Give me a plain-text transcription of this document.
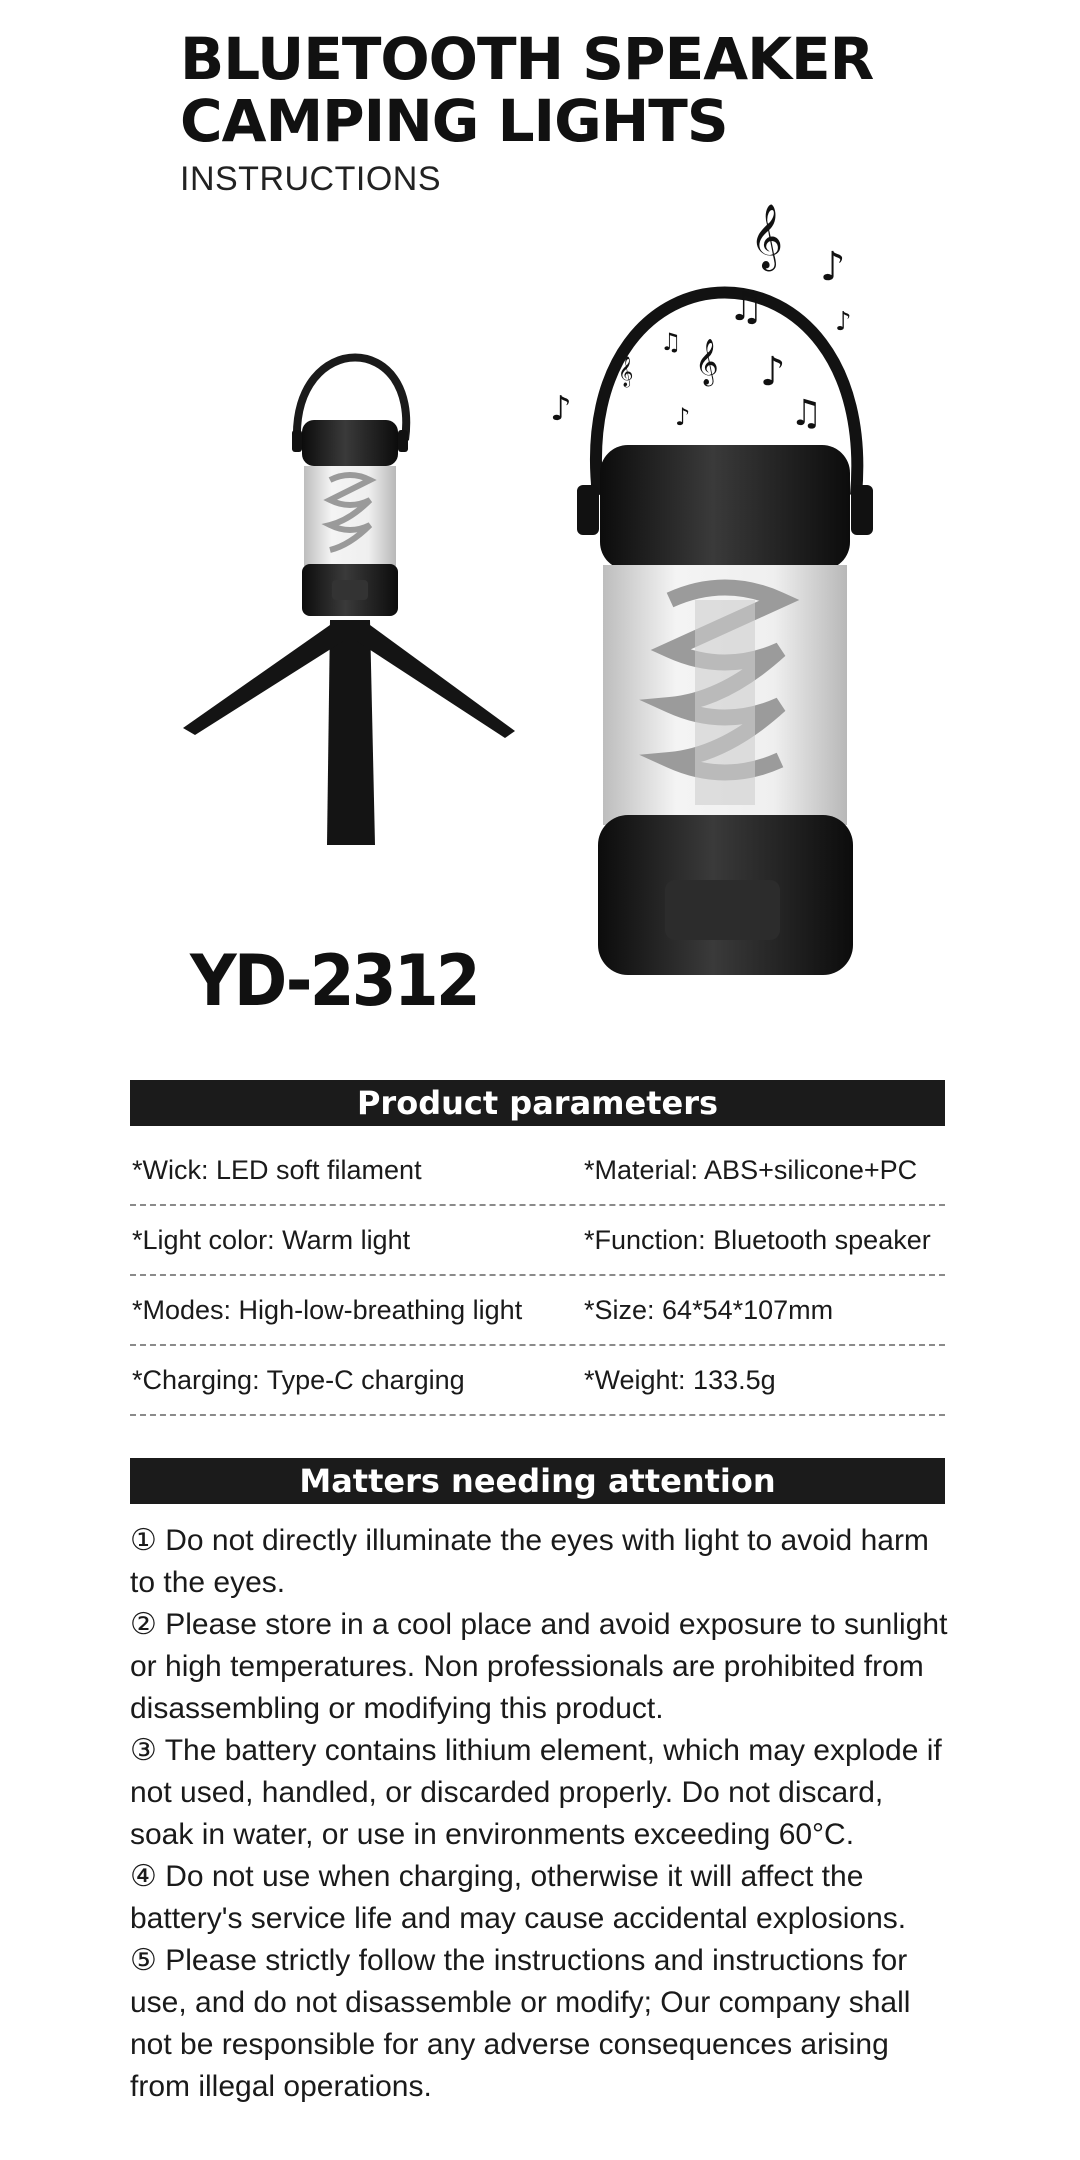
BLUETOOTH SPEAKER
CAMPING LIGHTS
INSTRUCTIONS
𝄞 ♪
♫	♪
♫ 𝄞
𝄞	♪
♫
♪	♪
YD-2312
Product parameters
*Wick: LED soft filament	*Material: ABS+silicone+PC
*Light color: Warm light	*Function: Bluetooth speaker
*Modes: High-low-breathing light	*Size: 64*54*107mm
*Charging: Type-C charging	*Weight: 133.5g
Matters needing attention

① Do not directly illuminate the eyes with light to avoid harm to the eyes.

② Please store in a cool place and avoid exposure to sunlight or high temperatures. Non professionals are prohibited from disassembling or modifying this product.

③ The battery contains lithium element, which may explode if not used, handled, or discarded properly. Do not discard, soak in water, or use in environments exceeding 60°C.

④ Do not use when charging, otherwise it will affect the battery's service life and may cause accidental explosions.

⑤ Please strictly follow the instructions and instructions for use, and do not disassemble or modify; Our company shall not be responsible for any adverse consequences arising from illegal operations.
